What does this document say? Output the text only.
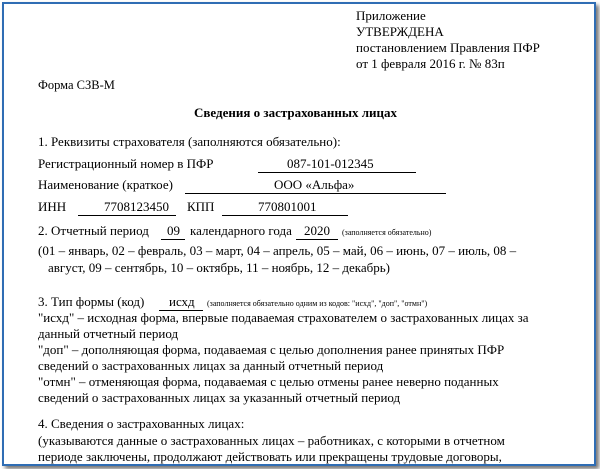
Приложение
УТВЕРЖДЕНА
постановлением Правления ПФР
от 1 февраля 2016 г. № 83п
Форма СЗВ-М
Сведения о застрахованных лицах
1. Реквизиты страхователя (заполняются обязательно):
Регистрационный номер в ПФР	087-101-012345
Наименование (краткое)	ООО «Альфа»
ИНН	7708123450 КПП	770801001
2. Отчетный период 09 календарного года 2020 (заполняется обязательно)
(01 – январь, 02 – февраль, 03 – март, 04 – апрель, 05 – май, 06 – июнь, 07 – июль, 08 –
август, 09 – сентябрь, 10 – октябрь, 11 – ноябрь, 12 – декабрь)
3. Тип формы (код) исхд (заполняется обязательно одним из кодов: "исхд", "доп", "отмн")
"исхд" – исходная форма, впервые подаваемая страхователем о застрахованных лицах за
данный отчетный период
"доп" – дополняющая форма, подаваемая с целью дополнения ранее принятых ПФР
сведений о застрахованных лицах за данный отчетный период
"отмн" – отменяющая форма, подаваемая с целью отмены ранее неверно поданных
сведений о застрахованных лицах за указанный отчетный период
4. Сведения о застрахованных лицах:
(указываются данные о застрахованных лицах – работниках, с которыми в отчетном
периоде заключены, продолжают действовать или прекращены трудовые договоры,
